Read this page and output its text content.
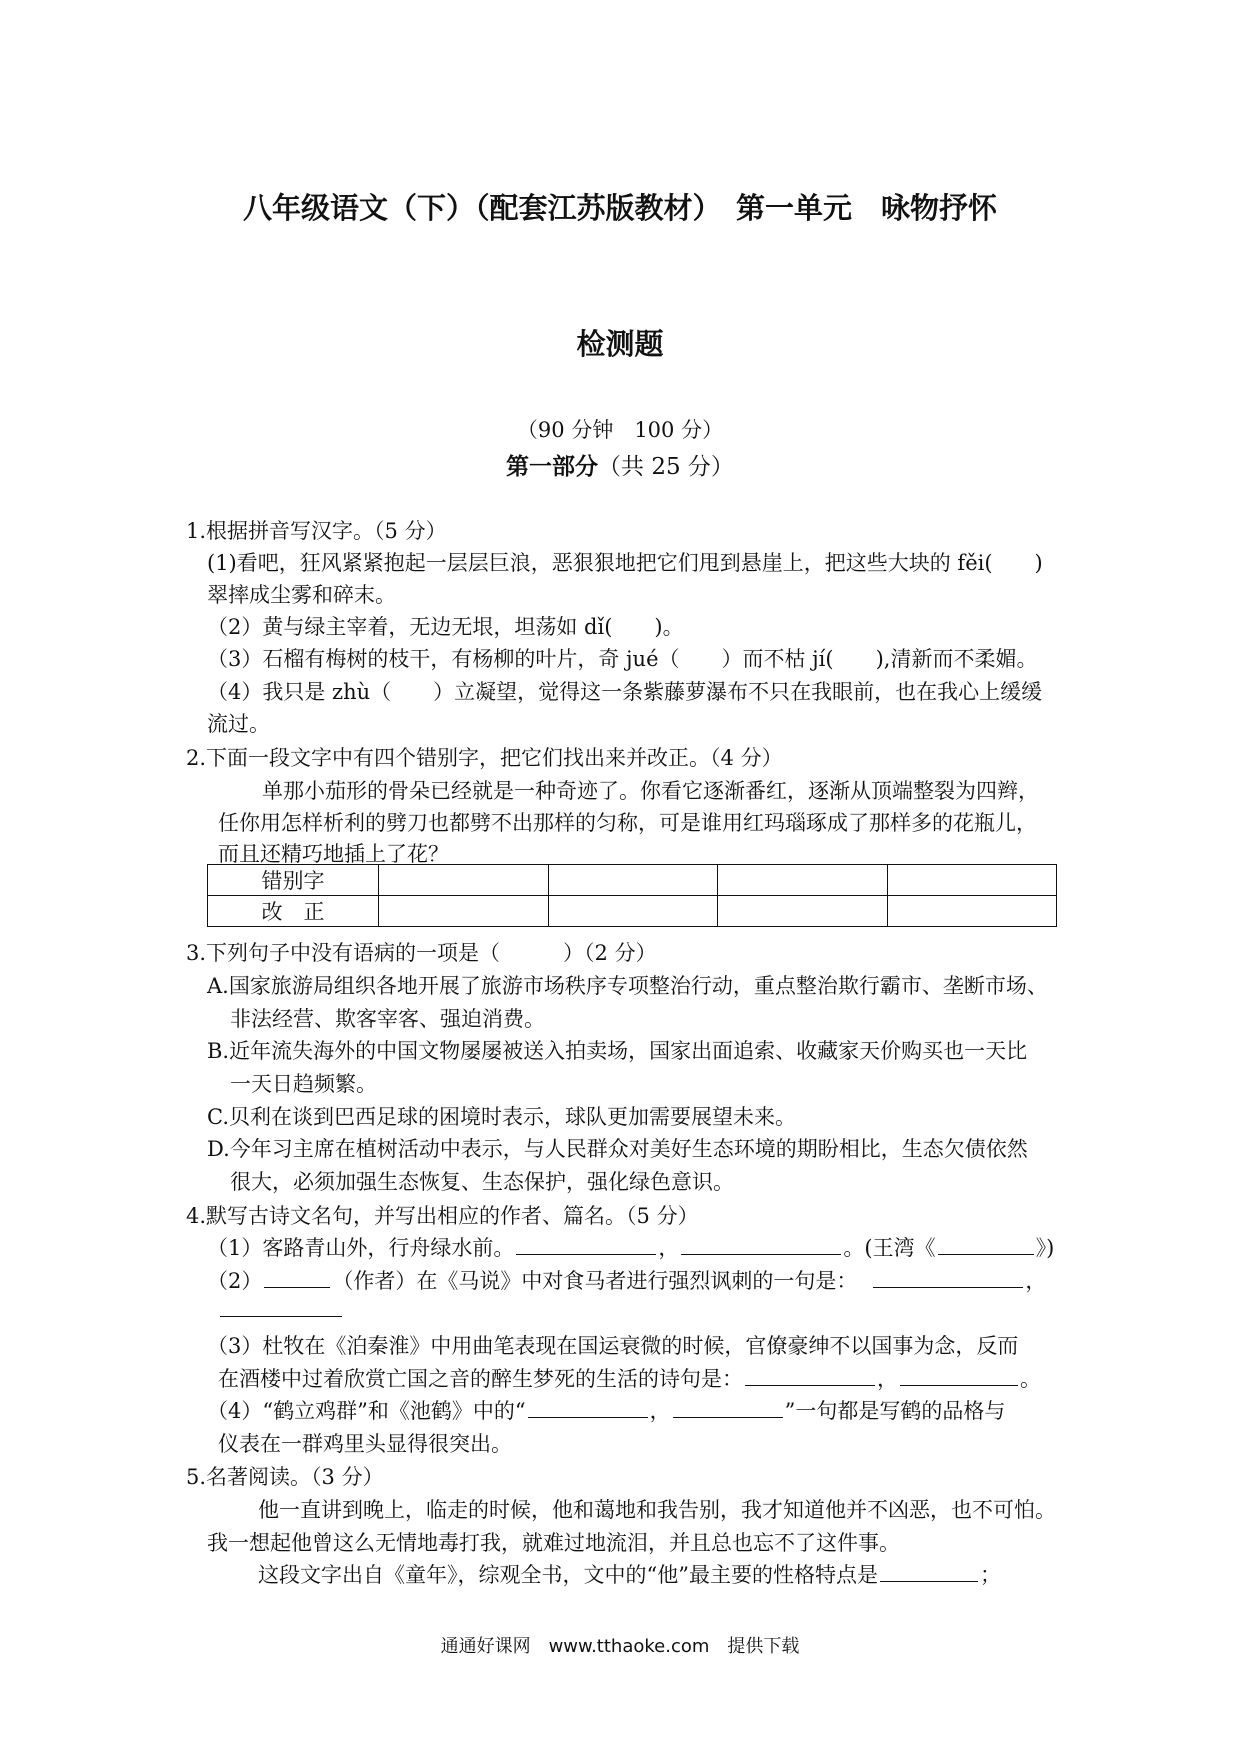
八年级语文（下）（配套江苏版教材）　第一单元　咏物抒怀
检测题
（90 分钟　100 分）
第一部分（共 25 分）
1.根据拼音写汉字。（5 分）
(1)看吧，狂风紧紧抱起一层层巨浪，恶狠狠地把它们甩到悬崖上，把这些大块的 fěi(　　)
翠摔成尘雾和碎末。
（2）黄与绿主宰着，无边无垠，坦荡如 dǐ(　　)。
（3）石榴有梅树的枝干，有杨柳的叶片，奇 jué（　　）而不枯 jí(　　),清新而不柔媚。
（4）我只是 zhù（　　）立凝望，觉得这一条紫藤萝瀑布不只在我眼前，也在我心上缓缓
流过。
2.下面一段文字中有四个错别字，把它们找出来并改正。（4 分）
单那小茄形的骨朵已经就是一种奇迹了。你看它逐渐番红，逐渐从顶端整裂为四辫，
任你用怎样析利的劈刀也都劈不出那样的匀称，可是谁用红玛瑙琢成了那样多的花瓶儿，
而且还精巧地插上了花？
错别字				
改　正				
3.下列句子中没有语病的一项是（　　　）（2 分）
A.国家旅游局组织各地开展了旅游市场秩序专项整治行动，重点整治欺行霸市、垄断市场、
非法经营、欺客宰客、强迫消费。
B.近年流失海外的中国文物屡屡被送入拍卖场，国家出面追索、收藏家天价购买也一天比
一天日趋频繁。
C.贝利在谈到巴西足球的困境时表示，球队更加需要展望未来。
D.今年习主席在植树活动中表示，与人民群众对美好生态环境的期盼相比，生态欠债依然
很大，必须加强生态恢复、生态保护，强化绿色意识。
4.默写古诗文名句，并写出相应的作者、篇名。（5 分）
（1）客路青山外，行舟绿水前。	，	。(王湾《	》)
（2）	（作者）在《马说》中对食马者进行强烈讽刺的一句是：	，
（3）杜牧在《泊秦淮》中用曲笔表现在国运衰微的时候，官僚豪绅不以国事为念，反而
在酒楼中过着欣赏亡国之音的醉生梦死的生活的诗句是：	，	。
（4）“鹤立鸡群”和《池鹤》中的“	，	”一句都是写鹤的品格与
仪表在一群鸡里头显得很突出。
5.名著阅读。（3 分）
他一直讲到晚上，临走的时候，他和蔼地和我告别，我才知道他并不凶恶，也不可怕。
我一想起他曾这么无情地毒打我，就难过地流泪，并且总也忘不了这件事。
这段文字出自《童年》，综观全书，文中的“他”最主要的性格特点是	；
通通好课网　www.tthaoke.com　提供下载
